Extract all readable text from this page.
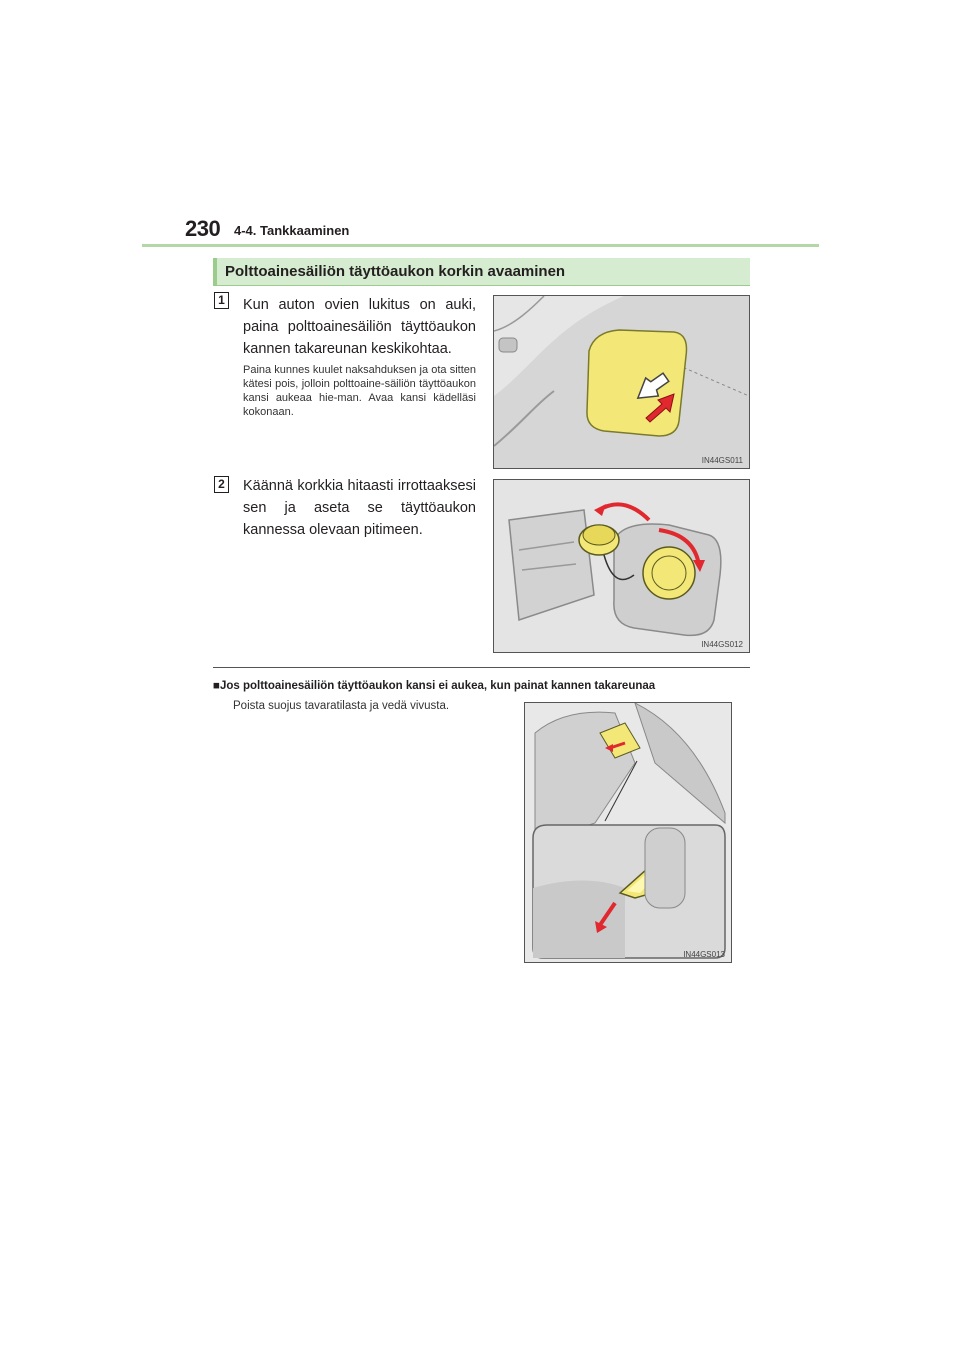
230 4-4. Tankkaaminen
Polttoainesäiliön täyttöaukon korkin avaaminen
1 Kun auton ovien lukitus on auki, paina polttoainesäiliön täyttöaukon kannen takareunan keskikohtaa.
Paina kunnes kuulet naksahduksen ja ota sitten kätesi pois, jolloin polttoaine-säiliön täyttöaukon kansi aukeaa hie-man. Avaa kansi kädelläsi kokonaan.
IN44GS011
2 Käännä korkkia hitaasti irrottaaksesi sen ja aseta se täyttöaukon kannessa olevaan pitimeen.
IN44GS012
■Jos polttoainesäiliön täyttöaukon kansi ei aukea, kun painat kannen takareunaa
Poista suojus tavaratilasta ja vedä vivusta.
IN44GS013
